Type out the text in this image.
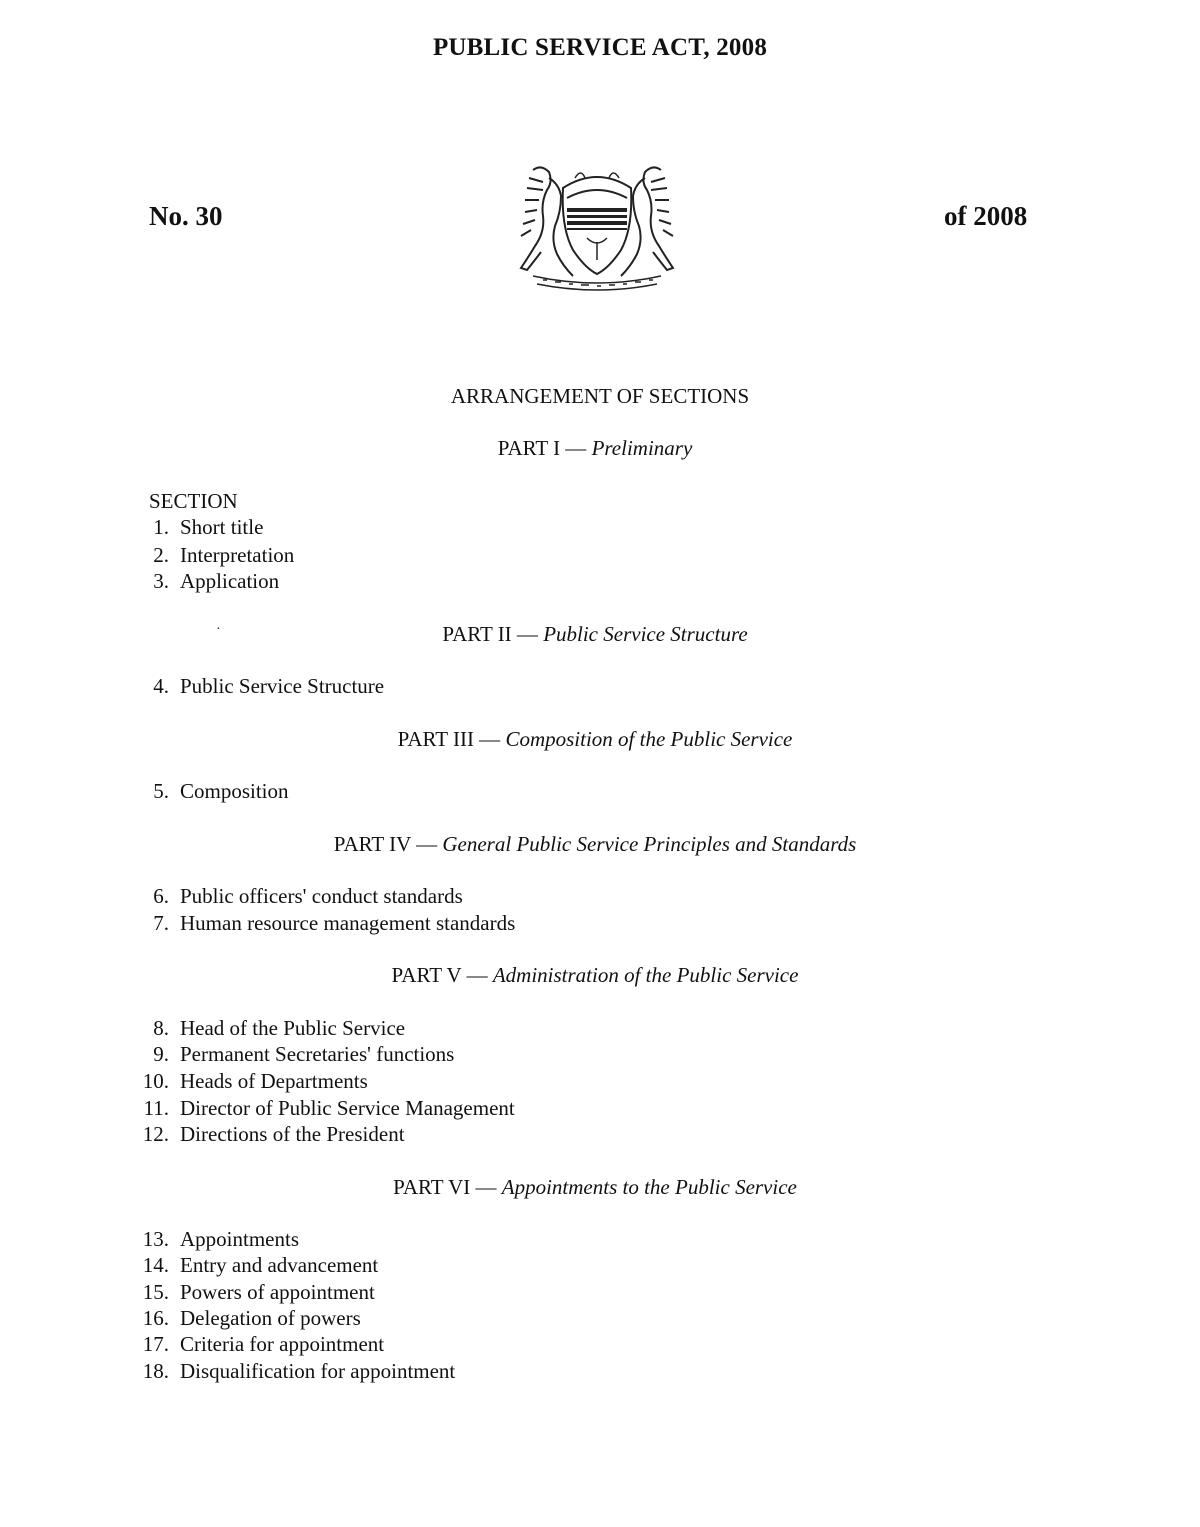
PUBLIC SERVICE ACT, 2008
No. 30	of 2008
ARRANGEMENT OF SECTIONS
PART I — Preliminary
SECTION
1. Short title
2. Interpretation
3. Application
·	PART II — Public Service Structure
4. Public Service Structure
PART III — Composition of the Public Service
5. Composition
PART IV — General Public Service Principles and Standards
6. Public officers' conduct standards
7. Human resource management standards
PART V — Administration of the Public Service
8. Head of the Public Service
9. Permanent Secretaries' functions
10. Heads of Departments
11. Director of Public Service Management
12. Directions of the President
PART VI — Appointments to the Public Service
13. Appointments
14. Entry and advancement
15. Powers of appointment
16. Delegation of powers
17. Criteria for appointment
18. Disqualification for appointment
